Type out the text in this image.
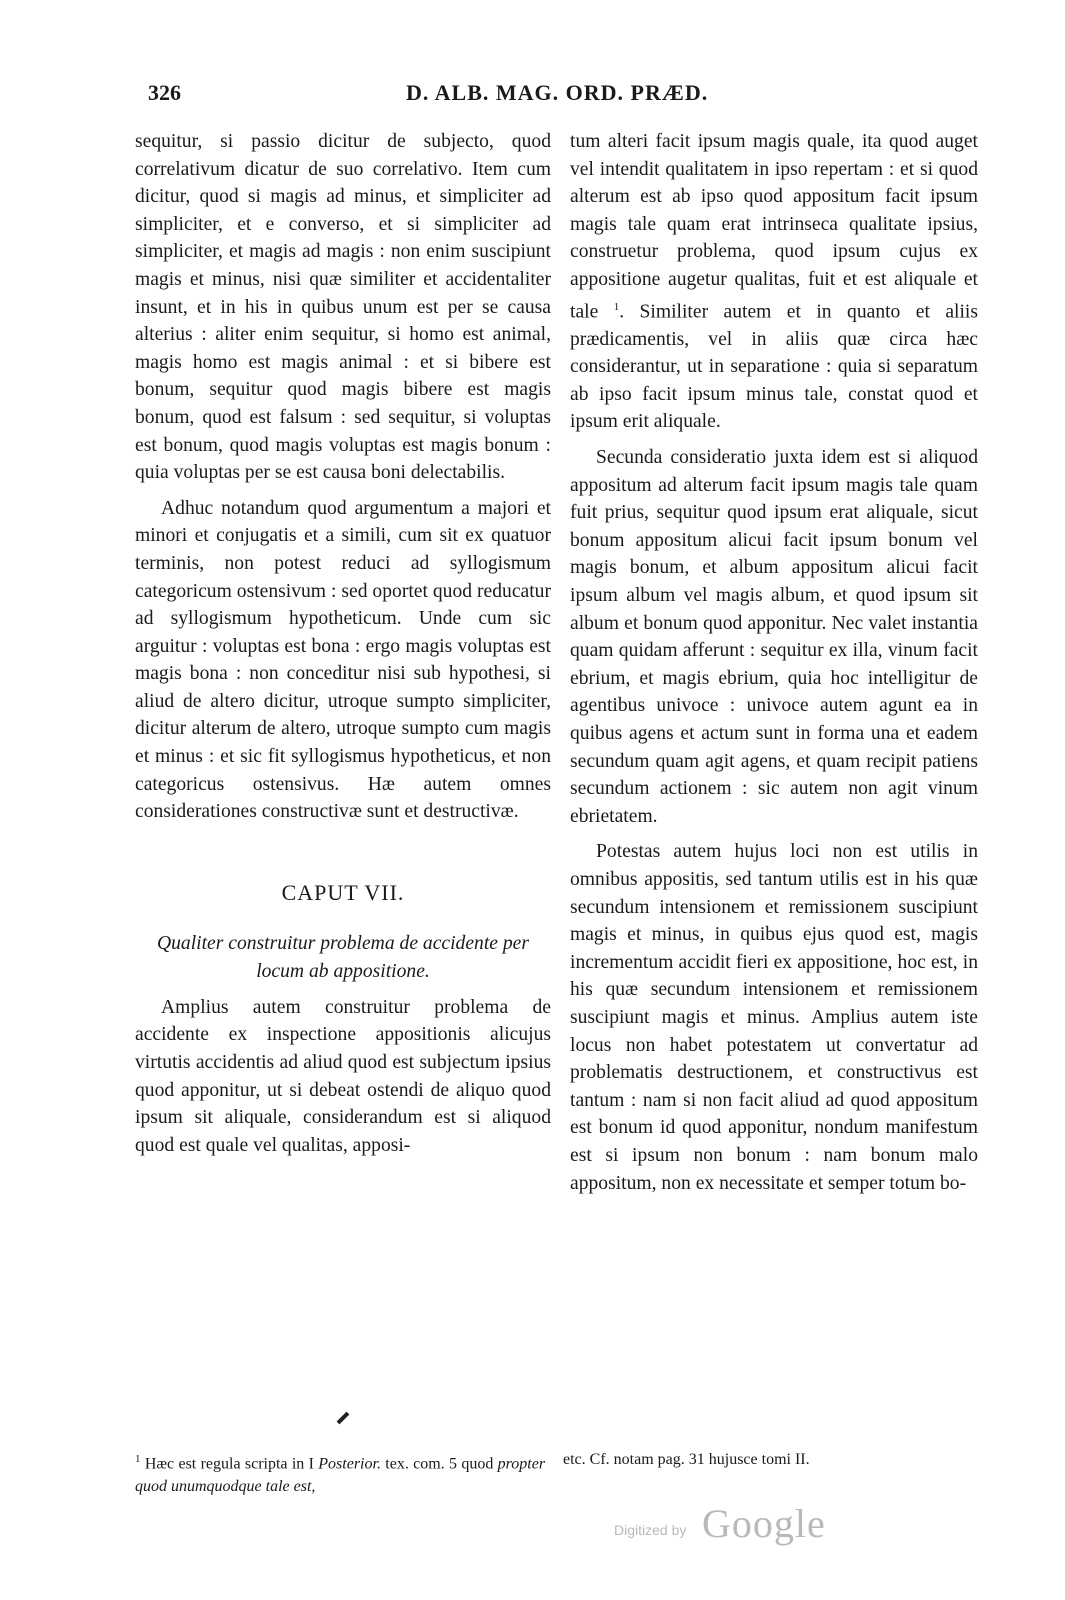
326	D. ALB. MAG. ORD. PRÆD.

sequitur, si passio dicitur de subjecto, quod correlativum dicatur de suo correlativo. Item cum dicitur, quod si magis ad minus, et simpliciter ad simpliciter, et e converso, et si simpliciter ad simpliciter, et magis ad magis : non enim suscipiunt magis et minus, nisi quæ similiter et accidentaliter insunt, et in his in quibus unum est per se causa alterius : aliter enim sequitur, si homo est animal, magis homo est magis animal : et si bibere est bonum, sequitur quod magis bibere est magis bonum, quod est falsum : sed sequitur, si voluptas est bonum, quod magis voluptas est magis bonum : quia voluptas per se est causa boni delectabilis.

Adhuc notandum quod argumentum a majori et minori et conjugatis et a simili, cum sit ex quatuor terminis, non potest reduci ad syllogismum categoricum ostensivum : sed oportet quod reducatur ad syllogismum hypotheticum. Unde cum sic arguitur : voluptas est bona : ergo magis voluptas est magis bona : non conceditur nisi sub hypothesi, si aliud de altero dicitur, utroque sumpto simpliciter, dicitur alterum de altero, utroque sumpto cum magis et minus : et sic fit syllogismus hypotheticus, et non categoricus ostensivus. Hæ autem omnes considerationes constructivæ sunt et destructivæ.

CAPUT VII.
Qualiter construitur problema de accidente per locum ab appositione.

Amplius autem construitur problema de accidente ex inspectione appositionis alicujus virtutis accidentis ad aliud quod est subjectum ipsius quod apponitur, ut si debeat ostendi de aliquo quod ipsum sit aliquale, considerandum est si aliquod quod est quale vel qualitas, apposi-

tum alteri facit ipsum magis quale, ita quod auget vel intendit qualitatem in ipso repertam : et si quod alterum est ab ipso quod appositum facit ipsum magis tale quam erat intrinseca qualitate ipsius, construetur problema, quod ipsum cujus ex appositione augetur qualitas, fuit et est aliquale et tale $^1$. Similiter autem et in quanto et aliis prædicamentis, vel in aliis quæ circa hæc considerantur, ut in separatione : quia si separatum ab ipso facit ipsum minus tale, constat quod et ipsum erit aliquale.

Secunda consideratio juxta idem est si aliquod appositum ad alterum facit ipsum magis tale quam fuit prius, sequitur quod ipsum erat aliquale, sicut bonum appositum alicui facit ipsum bonum vel magis bonum, et album appositum alicui facit ipsum album vel magis album, et quod ipsum sit album et bonum quod apponitur. Nec valet instantia quam quidam afferunt : sequitur ex illa, vinum facit ebrium, et magis ebrium, quia hoc intelligitur de agentibus univoce : univoce autem agunt ea in quibus agens et actum sunt in forma una et eadem secundum quam agit agens, et quam recipit patiens secundum actionem : sic autem non agit vinum ebrietatem.

Potestas autem hujus loci non est utilis in omnibus appositis, sed tantum utilis est in his quæ secundum intensionem et remissionem suscipiunt magis et minus, in quibus ejus quod est, magis incrementum accidit fieri ex appositione, hoc est, in his quæ secundum intensionem et remissionem suscipiunt magis et minus. Amplius autem iste locus non habet potestatem ut convertatur ad problematis destructionem, et constructivus est tantum : nam si non facit aliud ad quod appositum est bonum id quod apponitur, nondum manifestum est si ipsum non bonum : nam bonum malo appositum, non ex necessitate et semper totum bo-

$^1$ Hæc est regula scripta in I Posterior. tex. com. 5 quod propter quod unumquodque tale est,
etc. Cf. notam pag. 31 hujusce tomi II.
Digitized by Google
